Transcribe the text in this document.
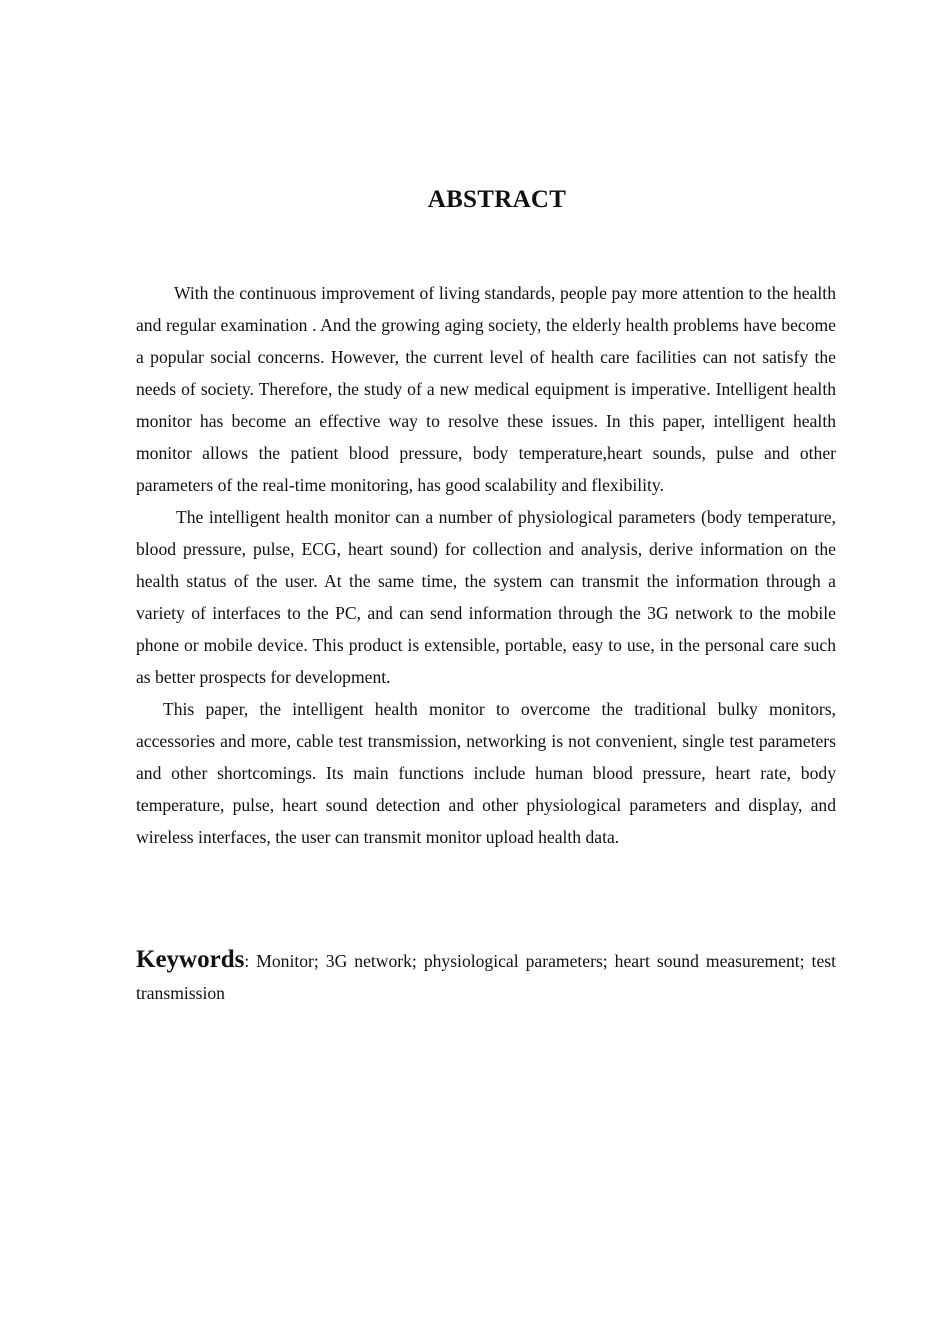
ABSTRACT

With the continuous improvement of living standards, people pay more attention to the health and regular examination . And the growing aging society, the elderly health problems have become a popular social concerns. However, the current level of health care facilities can not satisfy the needs of society. Therefore, the study of a new medical equipment is imperative. Intelligent health monitor has become an effective way to resolve these issues. In this paper, intelligent health monitor allows the patient blood pressure, body temperature,heart sounds, pulse and other parameters of the real-time monitoring, has good scalability and flexibility.

The intelligent health monitor can a number of physiological parameters (body temperature, blood pressure, pulse, ECG, heart sound) for collection and analysis, derive information on the health status of the user. At the same time, the system can transmit the information through a variety of interfaces to the PC, and can send information through the 3G network to the mobile phone or mobile device. This product is extensible, portable, easy to use, in the personal care such as better prospects for development.

This paper, the intelligent health monitor to overcome the traditional bulky monitors, accessories and more, cable test transmission, networking is not convenient, single test parameters and other shortcomings. Its main functions include human blood pressure, heart rate, body temperature, pulse, heart sound detection and other physiological parameters and display, and wireless interfaces, the user can transmit monitor upload health data.

Keywords: Monitor; 3G network; physiological parameters; heart sound measurement; test transmission
